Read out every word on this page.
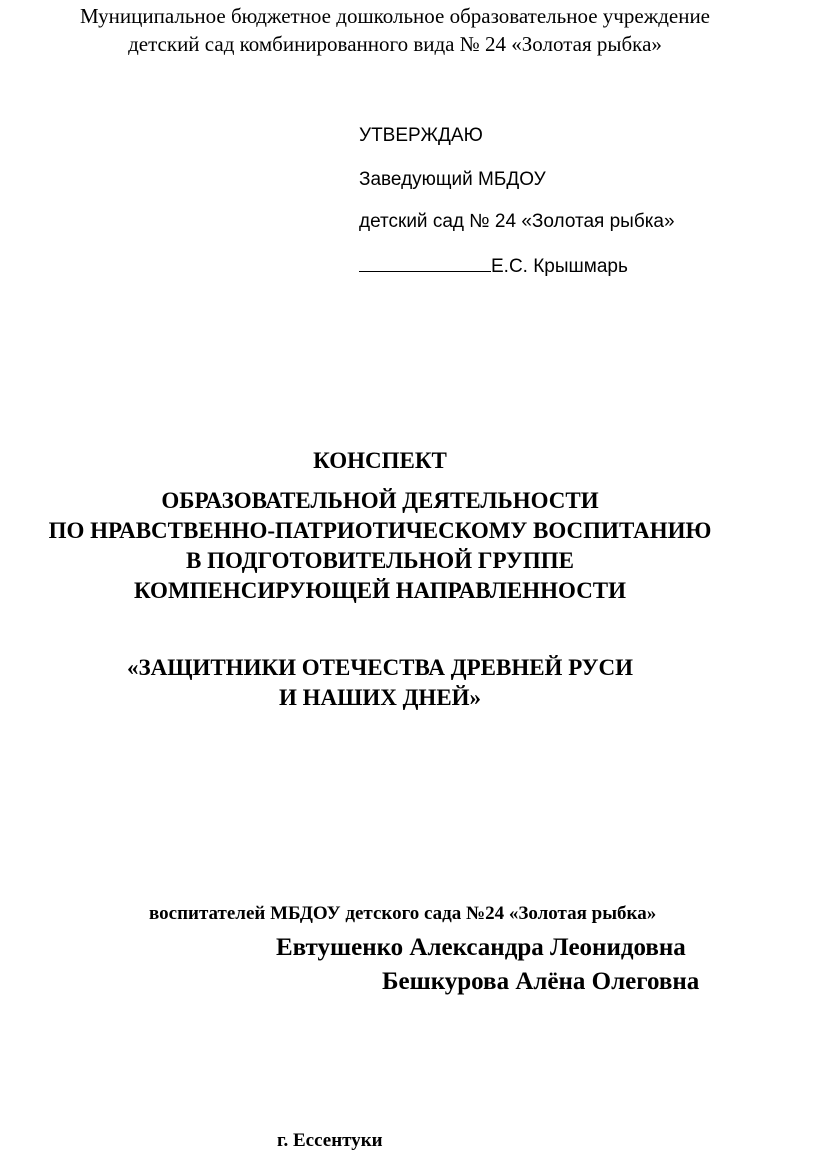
Муниципальное бюджетное дошкольное образовательное учреждение
детский сад комбинированного вида № 24 «Золотая рыбка»
УТВЕРЖДАЮ
Заведующий МБДОУ
детский сад № 24 «Золотая рыбка»
Е.С. Крышмарь
КОНСПЕКТ
ОБРАЗОВАТЕЛЬНОЙ ДЕЯТЕЛЬНОСТИ
ПО НРАВСТВЕННО-ПАТРИОТИЧЕСКОМУ ВОСПИТАНИЮ
В ПОДГОТОВИТЕЛЬНОЙ ГРУППЕ
КОМПЕНСИРУЮЩЕЙ НАПРАВЛЕННОСТИ
«ЗАЩИТНИКИ ОТЕЧЕСТВА ДРЕВНЕЙ РУСИ
И НАШИХ ДНЕЙ»
воспитателей МБДОУ детского сада №24 «Золотая рыбка»
Евтушенко Александра Леонидовна
Бешкурова Алёна Олеговна
г. Ессентуки
